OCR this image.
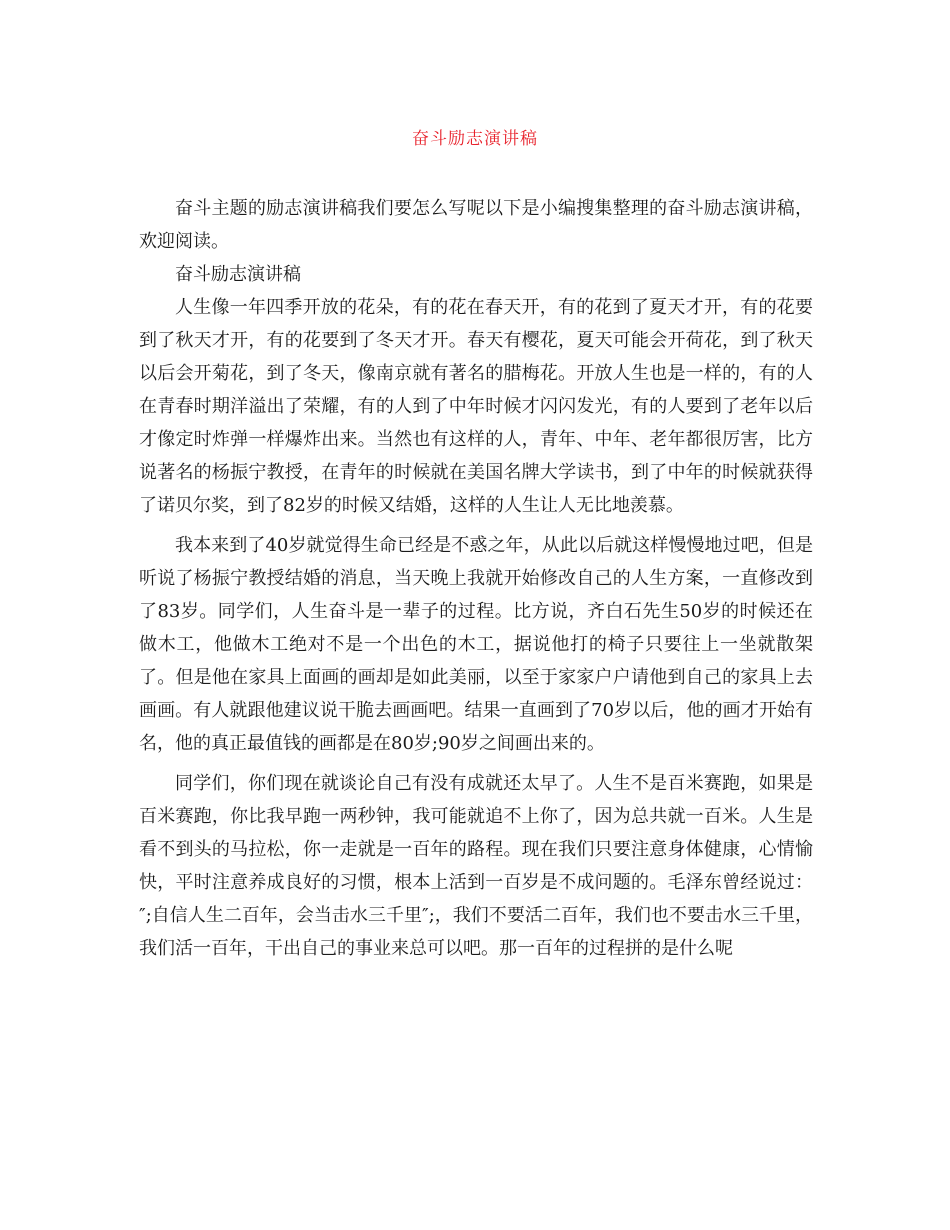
奋斗励志演讲稿

奋斗主题的励志演讲稿我们要怎么写呢以下是小编搜集整理的奋斗励志演讲稿，欢迎阅读。

奋斗励志演讲稿

人生像一年四季开放的花朵，有的花在春天开，有的花到了夏天才开，有的花要到了秋天才开，有的花要到了冬天才开。春天有樱花，夏天可能会开荷花，到了秋天以后会开菊花，到了冬天，像南京就有著名的腊梅花。开放人生也是一样的，有的人在青春时期洋溢出了荣耀，有的人到了中年时候才闪闪发光，有的人要到了老年以后才像定时炸弹一样爆炸出来。当然也有这样的人，青年、中年、老年都很厉害，比方说著名的杨振宁教授，在青年的时候就在美国名牌大学读书，到了中年的时候就获得了诺贝尔奖，到了82岁的时候又结婚，这样的人生让人无比地羡慕。

我本来到了40岁就觉得生命已经是不惑之年，从此以后就这样慢慢地过吧，但是听说了杨振宁教授结婚的消息，当天晚上我就开始修改自己的人生方案，一直修改到了83岁。同学们，人生奋斗是一辈子的过程。比方说，齐白石先生50岁的时候还在做木工，他做木工绝对不是一个出色的木工，据说他打的椅子只要往上一坐就散架了。但是他在家具上面画的画却是如此美丽，以至于家家户户请他到自己的家具上去画画。有人就跟他建议说干脆去画画吧。结果一直画到了70岁以后，他的画才开始有名，他的真正最值钱的画都是在80岁;90岁之间画出来的。

同学们，你们现在就谈论自己有没有成就还太早了。人生不是百米赛跑，如果是百米赛跑，你比我早跑一两秒钟，我可能就追不上你了，因为总共就一百米。人生是看不到头的马拉松，你一走就是一百年的路程。现在我们只要注意身体健康，心情愉快，平时注意养成良好的习惯，根本上活到一百岁是不成问题的。毛泽东曾经说过：″;自信人生二百年，会当击水三千里″;，我们不要活二百年，我们也不要击水三千里，我们活一百年，干出自己的事业来总可以吧。那一百年的过程拼的是什么呢
